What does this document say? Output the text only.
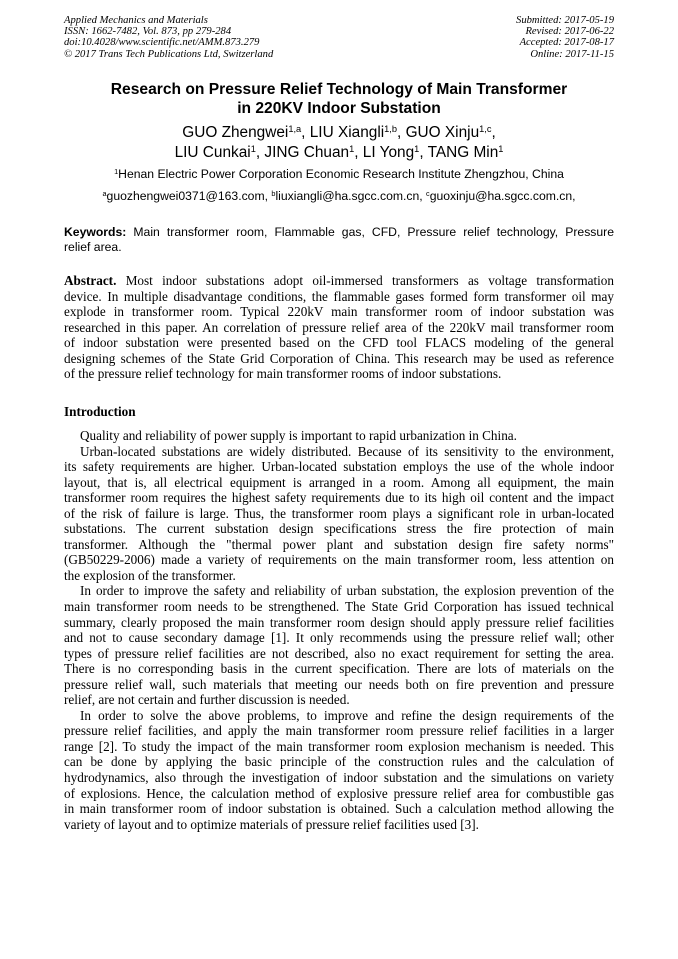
Applied Mechanics and Materials
ISSN: 1662-7482, Vol. 873, pp 279-284
doi:10.4028/www.scientific.net/AMM.873.279
© 2017 Trans Tech Publications Ltd, Switzerland
Submitted: 2017-05-19
Revised: 2017-06-22
Accepted: 2017-08-17
Online: 2017-11-15
Research on Pressure Relief Technology of Main Transformer
in 220KV Indoor Substation
GUO Zhengwei$^{1,a}$, LIU Xiangli$^{1,b}$, GUO Xinju$^{1,c}$,
LIU Cunkai$^1$, JING Chuan$^1$, LI Yong$^1$, TANG Min$^1$
$^1$Henan Electric Power Corporation Economic Research Institute Zhengzhou, China
$^a$guozhengwei0371@163.com, $^b$liuxiangli@ha.sgcc.com.cn, $^c$guoxinju@ha.sgcc.com.cn,
Keywords: Main transformer room, Flammable gas, CFD, Pressure relief technology, Pressure
relief area.
Abstract. Most indoor substations adopt oil-immersed transformers as voltage transformation
device. In multiple disadvantage conditions, the flammable gases formed form transformer oil may
explode in transformer room. Typical 220kV main transformer room of indoor substation was
researched in this paper. An correlation of pressure relief area of the 220kV mail transformer room
of indoor substation were presented based on the CFD tool FLACS modeling of the general
designing schemes of the State Grid Corporation of China. This research may be used as reference
of the pressure relief technology for main transformer rooms of indoor substations.
Introduction
Quality and reliability of power supply is important to rapid urbanization in China.
Urban-located substations are widely distributed. Because of its sensitivity to the environment,
its safety requirements are higher. Urban-located substation employs the use of the whole indoor
layout, that is, all electrical equipment is arranged in a room. Among all equipment, the main
transformer room requires the highest safety requirements due to its high oil content and the impact
of the risk of failure is large. Thus, the transformer room plays a significant role in urban-located
substations. The current substation design specifications stress the fire protection of main
transformer. Although the "thermal power plant and substation design fire safety norms"
(GB50229-2006) made a variety of requirements on the main transformer room, less attention on
the explosion of the transformer.
In order to improve the safety and reliability of urban substation, the explosion prevention of the
main transformer room needs to be strengthened. The State Grid Corporation has issued technical
summary, clearly proposed the main transformer room design should apply pressure relief facilities
and not to cause secondary damage [1]. It only recommends using the pressure relief wall; other
types of pressure relief facilities are not described, also no exact requirement for setting the area.
There is no corresponding basis in the current specification. There are lots of materials on the
pressure relief wall, such materials that meeting our needs both on fire prevention and pressure
relief, are not certain and further discussion is needed.
In order to solve the above problems, to improve and refine the design requirements of the
pressure relief facilities, and apply the main transformer room pressure relief facilities in a larger
range [2]. To study the impact of the main transformer room explosion mechanism is needed. This
can be done by applying the basic principle of the construction rules and the calculation of
hydrodynamics, also through the investigation of indoor substation and the simulations on variety
of explosions. Hence, the calculation method of explosive pressure relief area for combustible gas
in main transformer room of indoor substation is obtained. Such a calculation method allowing the
variety of layout and to optimize materials of pressure relief facilities used [3].
